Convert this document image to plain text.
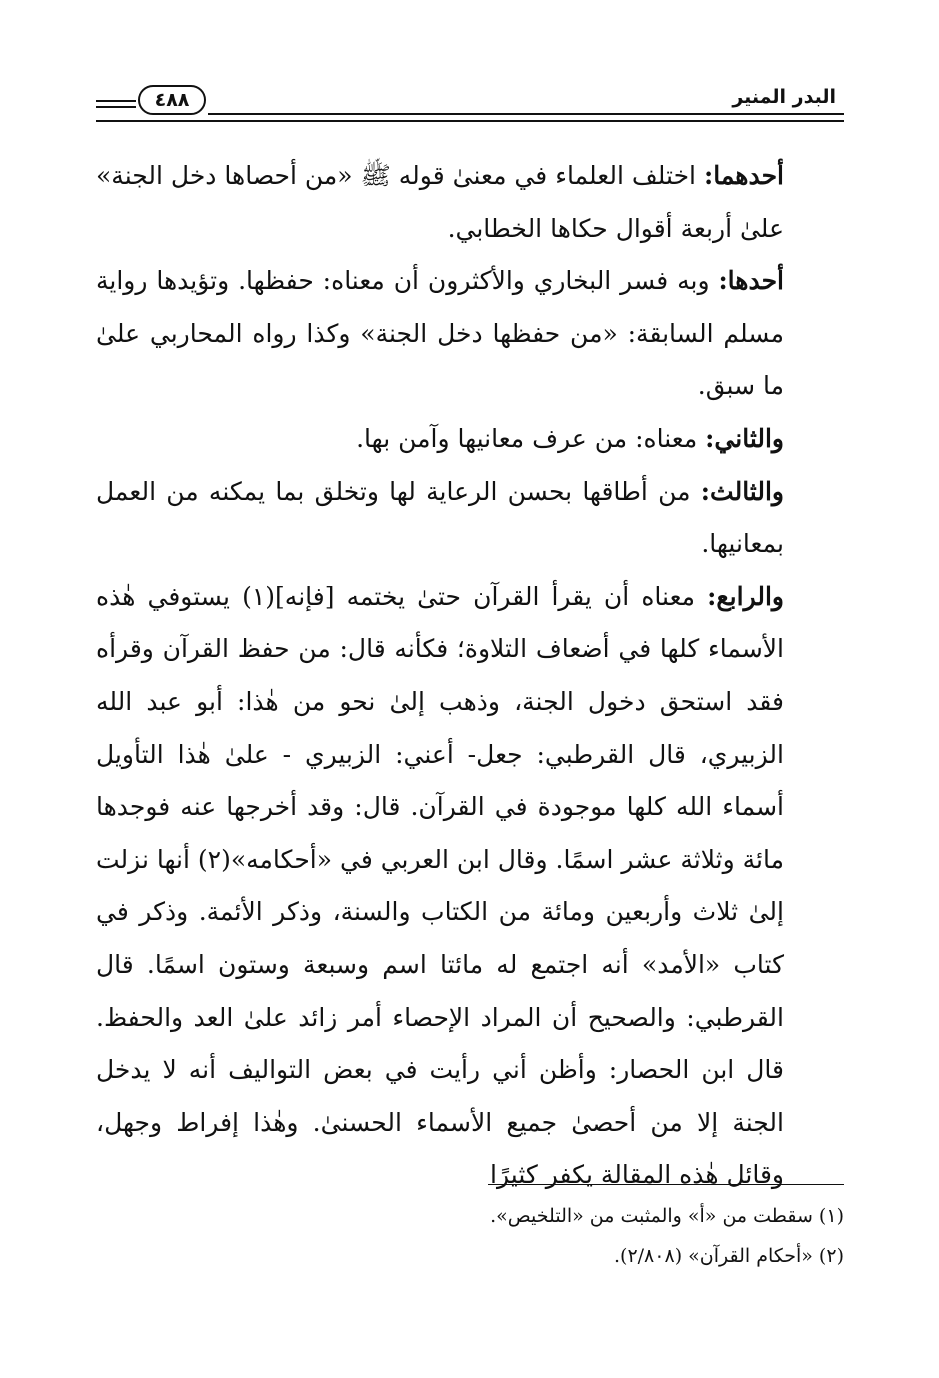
البدر المنير
٤٨٨

أحدهما: اختلف العلماء في معنىٰ قوله ﷺ «من أحصاها دخل الجنة» علىٰ أربعة أقوال حكاها الخطابي.

أحدها: وبه فسر البخاري والأكثرون أن معناه: حفظها. وتؤيدها رواية مسلم السابقة: «من حفظها دخل الجنة» وكذا رواه المحاربي علىٰ ما سبق.

والثاني: معناه: من عرف معانيها وآمن بها.

والثالث: من أطاقها بحسن الرعاية لها وتخلق بما يمكنه من العمل بمعانيها.

والرابع: معناه أن يقرأ القرآن حتىٰ يختمه [فإنه](١) يستوفي هٰذه الأسماء كلها في أضعاف التلاوة؛ فكأنه قال: من حفظ القرآن وقرأه فقد استحق دخول الجنة، وذهب إلىٰ نحو من هٰذا: أبو عبد الله الزبيري، قال القرطبي: جعل- أعني: الزبيري - علىٰ هٰذا التأويل أسماء الله كلها موجودة في القرآن. قال: وقد أخرجها عنه فوجدها مائة وثلاثة عشر اسمًا. وقال ابن العربي في «أحكامه»(٢) أنها نزلت إلىٰ ثلاث وأربعين ومائة من الكتاب والسنة، وذكر الأئمة. وذكر في كتاب «الأمد» أنه اجتمع له مائتا اسم وسبعة وستون اسمًا. قال القرطبي: والصحيح أن المراد الإحصاء أمر زائد علىٰ العد والحفظ. قال ابن الحصار: وأظن أني رأيت في بعض التواليف أنه لا يدخل الجنة إلا من أحصىٰ جميع الأسماء الحسنىٰ. وهٰذا إفراط وجهل، وقائل هٰذه المقالة يكفر كثيرًا

(١) سقطت من «أ» والمثبت من «التلخيص».

(٢) «أحكام القرآن» (٢/٨٠٨).
